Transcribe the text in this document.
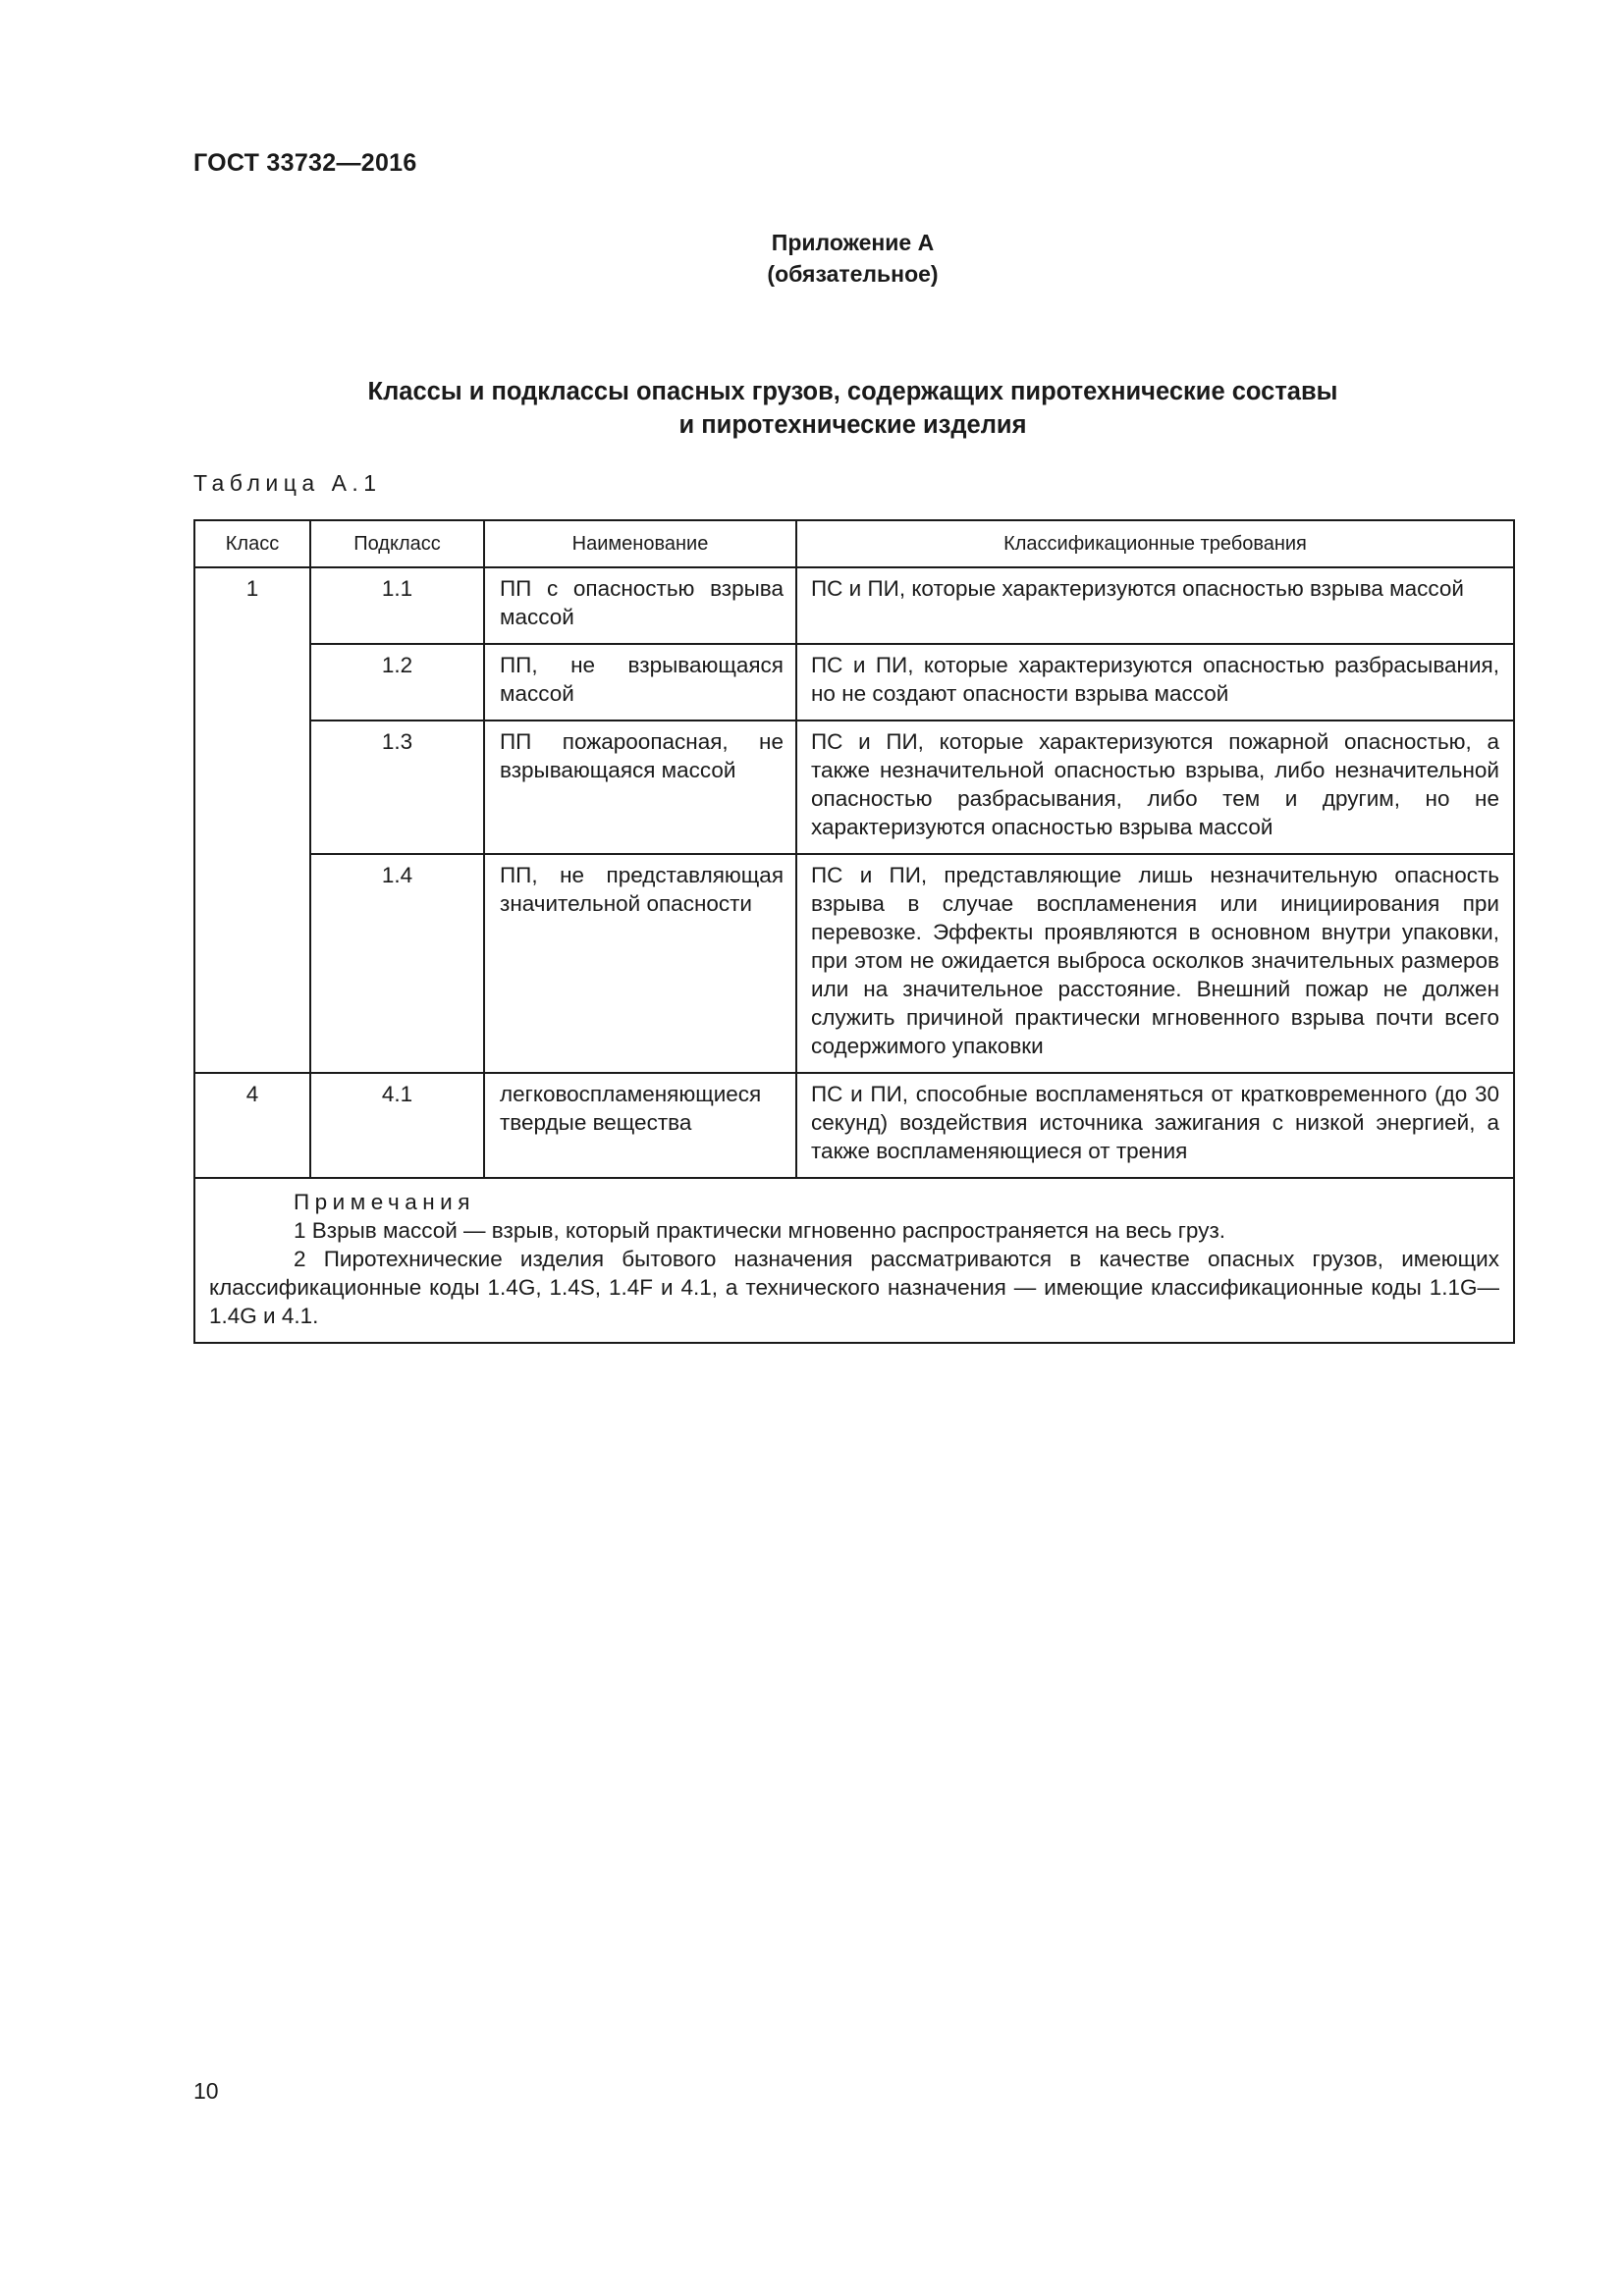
ГОСТ 33732—2016
Приложение А
(обязательное)
Классы и подклассы опасных грузов, содержащих пиротехнические составы
и пиротехнические изделия
Таблица А.1
Класс	Подкласс	Наименование	Классификационные требования
1	1.1	ПП с опасностью взрыва массой	ПС и ПИ, которые характеризуются опасностью взрыва массой
	1.2	ПП, не взрывающаяся массой	ПС и ПИ, которые характеризуются опасностью разбрасывания, но не создают опасности взрыва массой
	1.3	ПП пожароопасная, не взрывающаяся массой	ПС и ПИ, которые характеризуются пожарной опасностью, а также незначительной опасностью взрыва, либо незначительной опасностью разбрасывания, либо тем и другим, но не характеризуются опасностью взрыва массой
	1.4	ПП, не представляющая значительной опасности	ПС и ПИ, представляющие лишь незначительную опасность взрыва в случае воспламенения или инициирования при перевозке. Эффекты проявляются в основном внутри упаковки, при этом не ожидается выброса осколков значительных размеров или на значительное расстояние. Внешний пожар не должен служить причиной практически мгновенного взрыва почти всего содержимого упаковки
4	4.1	легковоспламеняющиеся твердые вещества	ПС и ПИ, способные воспламеняться от кратковременного (до 30 секунд) воздействия источника зажигания с низкой энергией, а также воспламеняющиеся от трения

Примечания
1 Взрыв массой — взрыв, который практически мгновенно распространяется на весь груз.
2 Пиротехнические изделия бытового назначения рассматриваются в качестве опасных грузов, имеющих классификационные коды 1.4G, 1.4S, 1.4F и 4.1, а технического назначения — имеющие классификационные коды 1.1G—1.4G и 4.1.			
10
